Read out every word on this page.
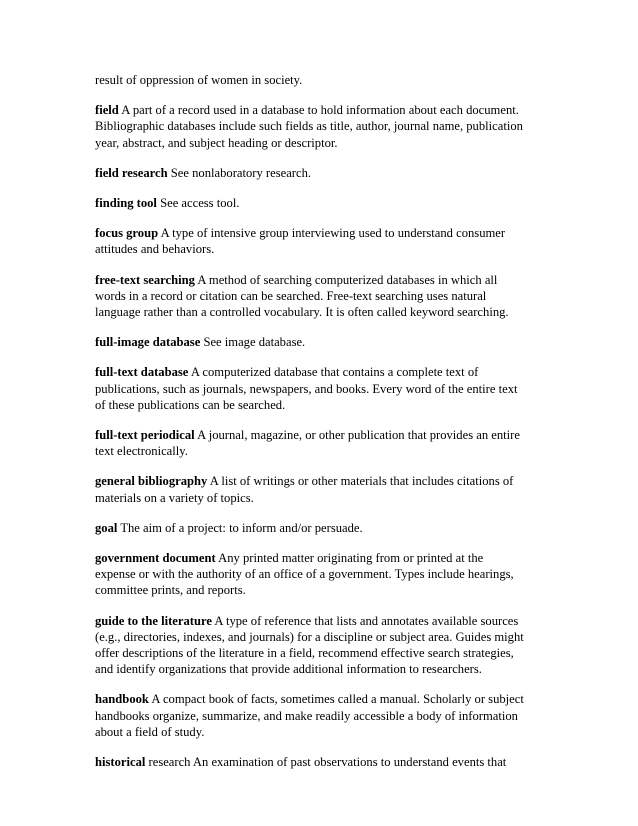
result of oppression of women in society.

field A part of a record used in a database to hold information about each document. Bibliographic databases include such fields as title, author, journal name, publication year, abstract, and subject heading or descriptor.

field research See nonlaboratory research.

finding tool See access tool.

focus group A type of intensive group interviewing used to understand consumer attitudes and behaviors.

free-text searching A method of searching computerized databases in which all words in a record or citation can be searched. Free-text searching uses natural language rather than a controlled vocabulary. It is often called keyword searching.

full-image database See image database.

full-text database A computerized database that contains a complete text of publications, such as journals, newspapers, and books. Every word of the entire text of these publications can be searched.

full-text periodical A journal, magazine, or other publication that provides an entire text electronically.

general bibliography A list of writings or other materials that includes citations of materials on a variety of topics.

goal The aim of a project: to inform and/or persuade.

government document Any printed matter originating from or printed at the expense or with the authority of an office of a government. Types include hearings, committee prints, and reports.

guide to the literature A type of reference that lists and annotates available sources (e.g., directories, indexes, and journals) for a discipline or subject area. Guides might offer descriptions of the literature in a field, recommend effective search strategies, and identify organizations that provide additional information to researchers.

handbook A compact book of facts, sometimes called a manual. Scholarly or subject handbooks organize, summarize, and make readily accessible a body of information about a field of study.

historical research An examination of past observations to understand events that
